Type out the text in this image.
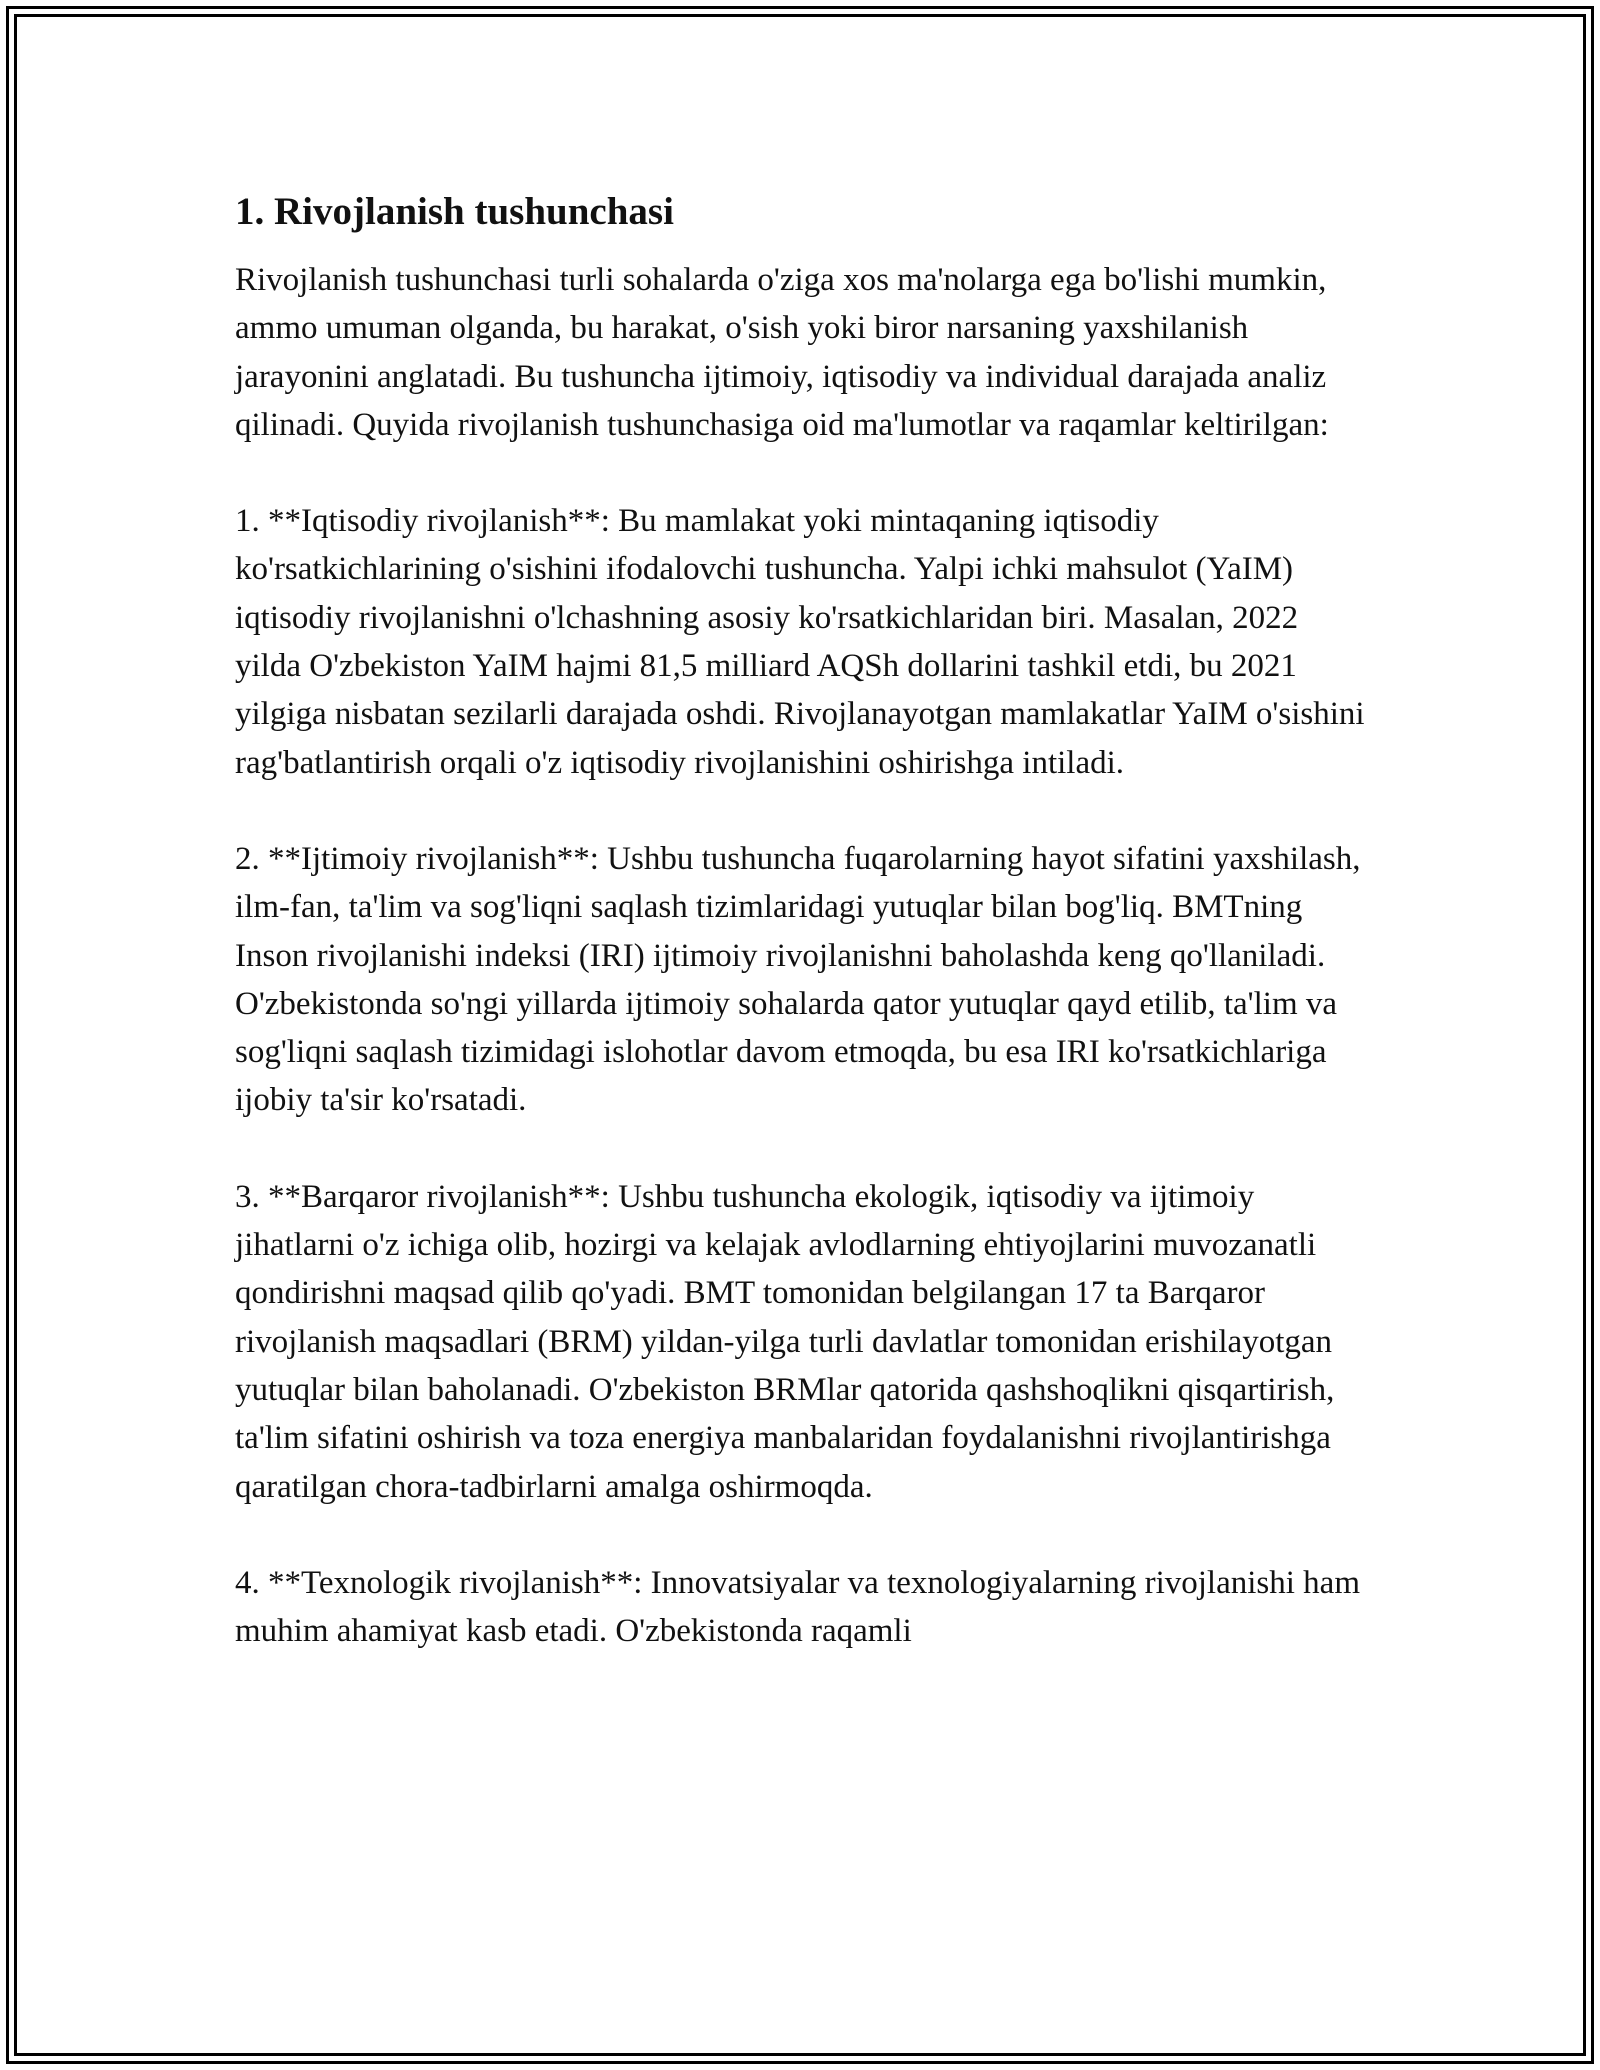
1. Rivojlanish tushunchasi

Rivojlanish tushunchasi turli sohalarda o'ziga xos ma'nolarga ega bo'lishi mumkin, ammo umuman olganda, bu harakat, o'sish yoki biror narsaning yaxshilanish jarayonini anglatadi. Bu tushuncha ijtimoiy, iqtisodiy va individual darajada analiz qilinadi. Quyida rivojlanish tushunchasiga oid ma'lumotlar va raqamlar keltirilgan:

1. **Iqtisodiy rivojlanish**: Bu mamlakat yoki mintaqaning iqtisodiy ko'rsatkichlarining o'sishini ifodalovchi tushuncha. Yalpi ichki mahsulot (YaIM) iqtisodiy rivojlanishni o'lchashning asosiy ko'rsatkichlaridan biri. Masalan, 2022 yilda O'zbekiston YaIM hajmi 81,5 milliard AQSh dollarini tashkil etdi, bu 2021 yilgiga nisbatan sezilarli darajada oshdi. Rivojlanayotgan mamlakatlar YaIM o'sishini rag'batlantirish orqali o'z iqtisodiy rivojlanishini oshirishga intiladi.

2. **Ijtimoiy rivojlanish**: Ushbu tushuncha fuqarolarning hayot sifatini yaxshilash, ilm-fan, ta'lim va sog'liqni saqlash tizimlaridagi yutuqlar bilan bog'liq. BMTning Inson rivojlanishi indeksi (IRI) ijtimoiy rivojlanishni baholashda keng qo'llaniladi. O'zbekistonda so'ngi yillarda ijtimoiy sohalarda qator yutuqlar qayd etilib, ta'lim va sog'liqni saqlash tizimidagi islohotlar davom etmoqda, bu esa IRI ko'rsatkichlariga ijobiy ta'sir ko'rsatadi.

3. **Barqaror rivojlanish**: Ushbu tushuncha ekologik, iqtisodiy va ijtimoiy jihatlarni o'z ichiga olib, hozirgi va kelajak avlodlarning ehtiyojlarini muvozanatli qondirishni maqsad qilib qo'yadi. BMT tomonidan belgilangan 17 ta Barqaror rivojlanish maqsadlari (BRM) yildan-yilga turli davlatlar tomonidan erishilayotgan yutuqlar bilan baholanadi. O'zbekiston BRMlar qatorida qashshoqlikni qisqartirish, ta'lim sifatini oshirish va toza energiya manbalaridan foydalanishni rivojlantirishga qaratilgan chora-tadbirlarni amalga oshirmoqda.

4. **Texnologik rivojlanish**: Innovatsiyalar va texnologiyalarning rivojlanishi ham muhim ahamiyat kasb etadi. O'zbekistonda raqamli
